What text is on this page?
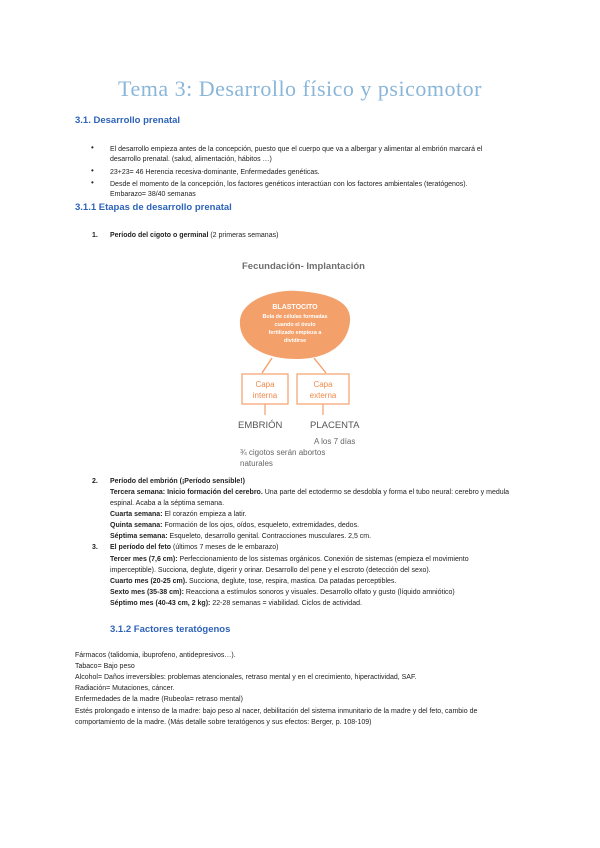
Tema 3: Desarrollo físico y psicomotor
3.1. Desarrollo prenatal
• El desarrollo empieza antes de la concepción, puesto que el cuerpo que va a albergar y alimentar al embrión marcará el
desarrollo prenatal. (salud, alimentación, hábitos …)
• 23+23= 46 Herencia recesiva-dominante, Enfermedades genéticas.
• Desde el momento de la concepción, los factores genéticos interactúan con los factores ambientales (teratógenos).
Embarazo= 38/40 semanas
3.1.1 Etapas de desarrollo prenatal
1. Período del cigoto o germinal (2 primeras semanas)
Fecundación- Implantación
BLASTOCITO
Bola de células formadas
cuando el óvulo
fertilizado empieza a
dividirse
Capa
interna
Capa
externa
EMBRIÓN	PLACENTA
A los 7 días
¾ cigotos serán abortos
naturales
2. Período del embrión (¡Período sensible!)
Tercera semana: Inicio formación del cerebro. Una parte del ectodermo se desdobla y forma el tubo neural: cerebro y medula
espinal. Acaba a la séptima semana.
Cuarta semana: El corazón empieza a latir.
Quinta semana: Formación de los ojos, oídos, esqueleto, extremidades, dedos.
Séptima semana: Esqueleto, desarrollo genital. Contracciones musculares. 2,5 cm.
3. El período del feto (últimos 7 meses de le embarazo)
Tercer mes (7,6 cm): Perfeccionamiento de los sistemas orgánicos. Conexión de sistemas (empieza el movimiento
imperceptible). Succiona, deglute, digerir y orinar. Desarrollo del pene y el escroto (detección del sexo).
Cuarto mes (20-25 cm). Succiona, deglute, tose, respira, mastica. Da patadas perceptibles.
Sexto mes (35-38 cm): Reacciona a estímulos sonoros y visuales. Desarrollo olfato y gusto (líquido amniótico)
Séptimo mes (40-43 cm, 2 kg): 22-28 semanas = viabilidad. Ciclos de actividad.
3.1.2 Factores teratógenos
Fármacos (talidomia, ibuprofeno, antidepresivos…).
Tabaco= Bajo peso
Alcohol= Daños irreversibles: problemas atencionales, retraso mental y en el crecimiento, hiperactividad, SAF.
Radiación= Mutaciones, cáncer.
Enfermedades de la madre (Rubeola= retraso mental)
Estés prolongado e intenso de la madre: bajo peso al nacer, debilitación del sistema inmunitario de la madre y del feto, cambio de
comportamiento de la madre. (Más detalle sobre teratógenos y sus efectos: Berger, p. 108-109)
